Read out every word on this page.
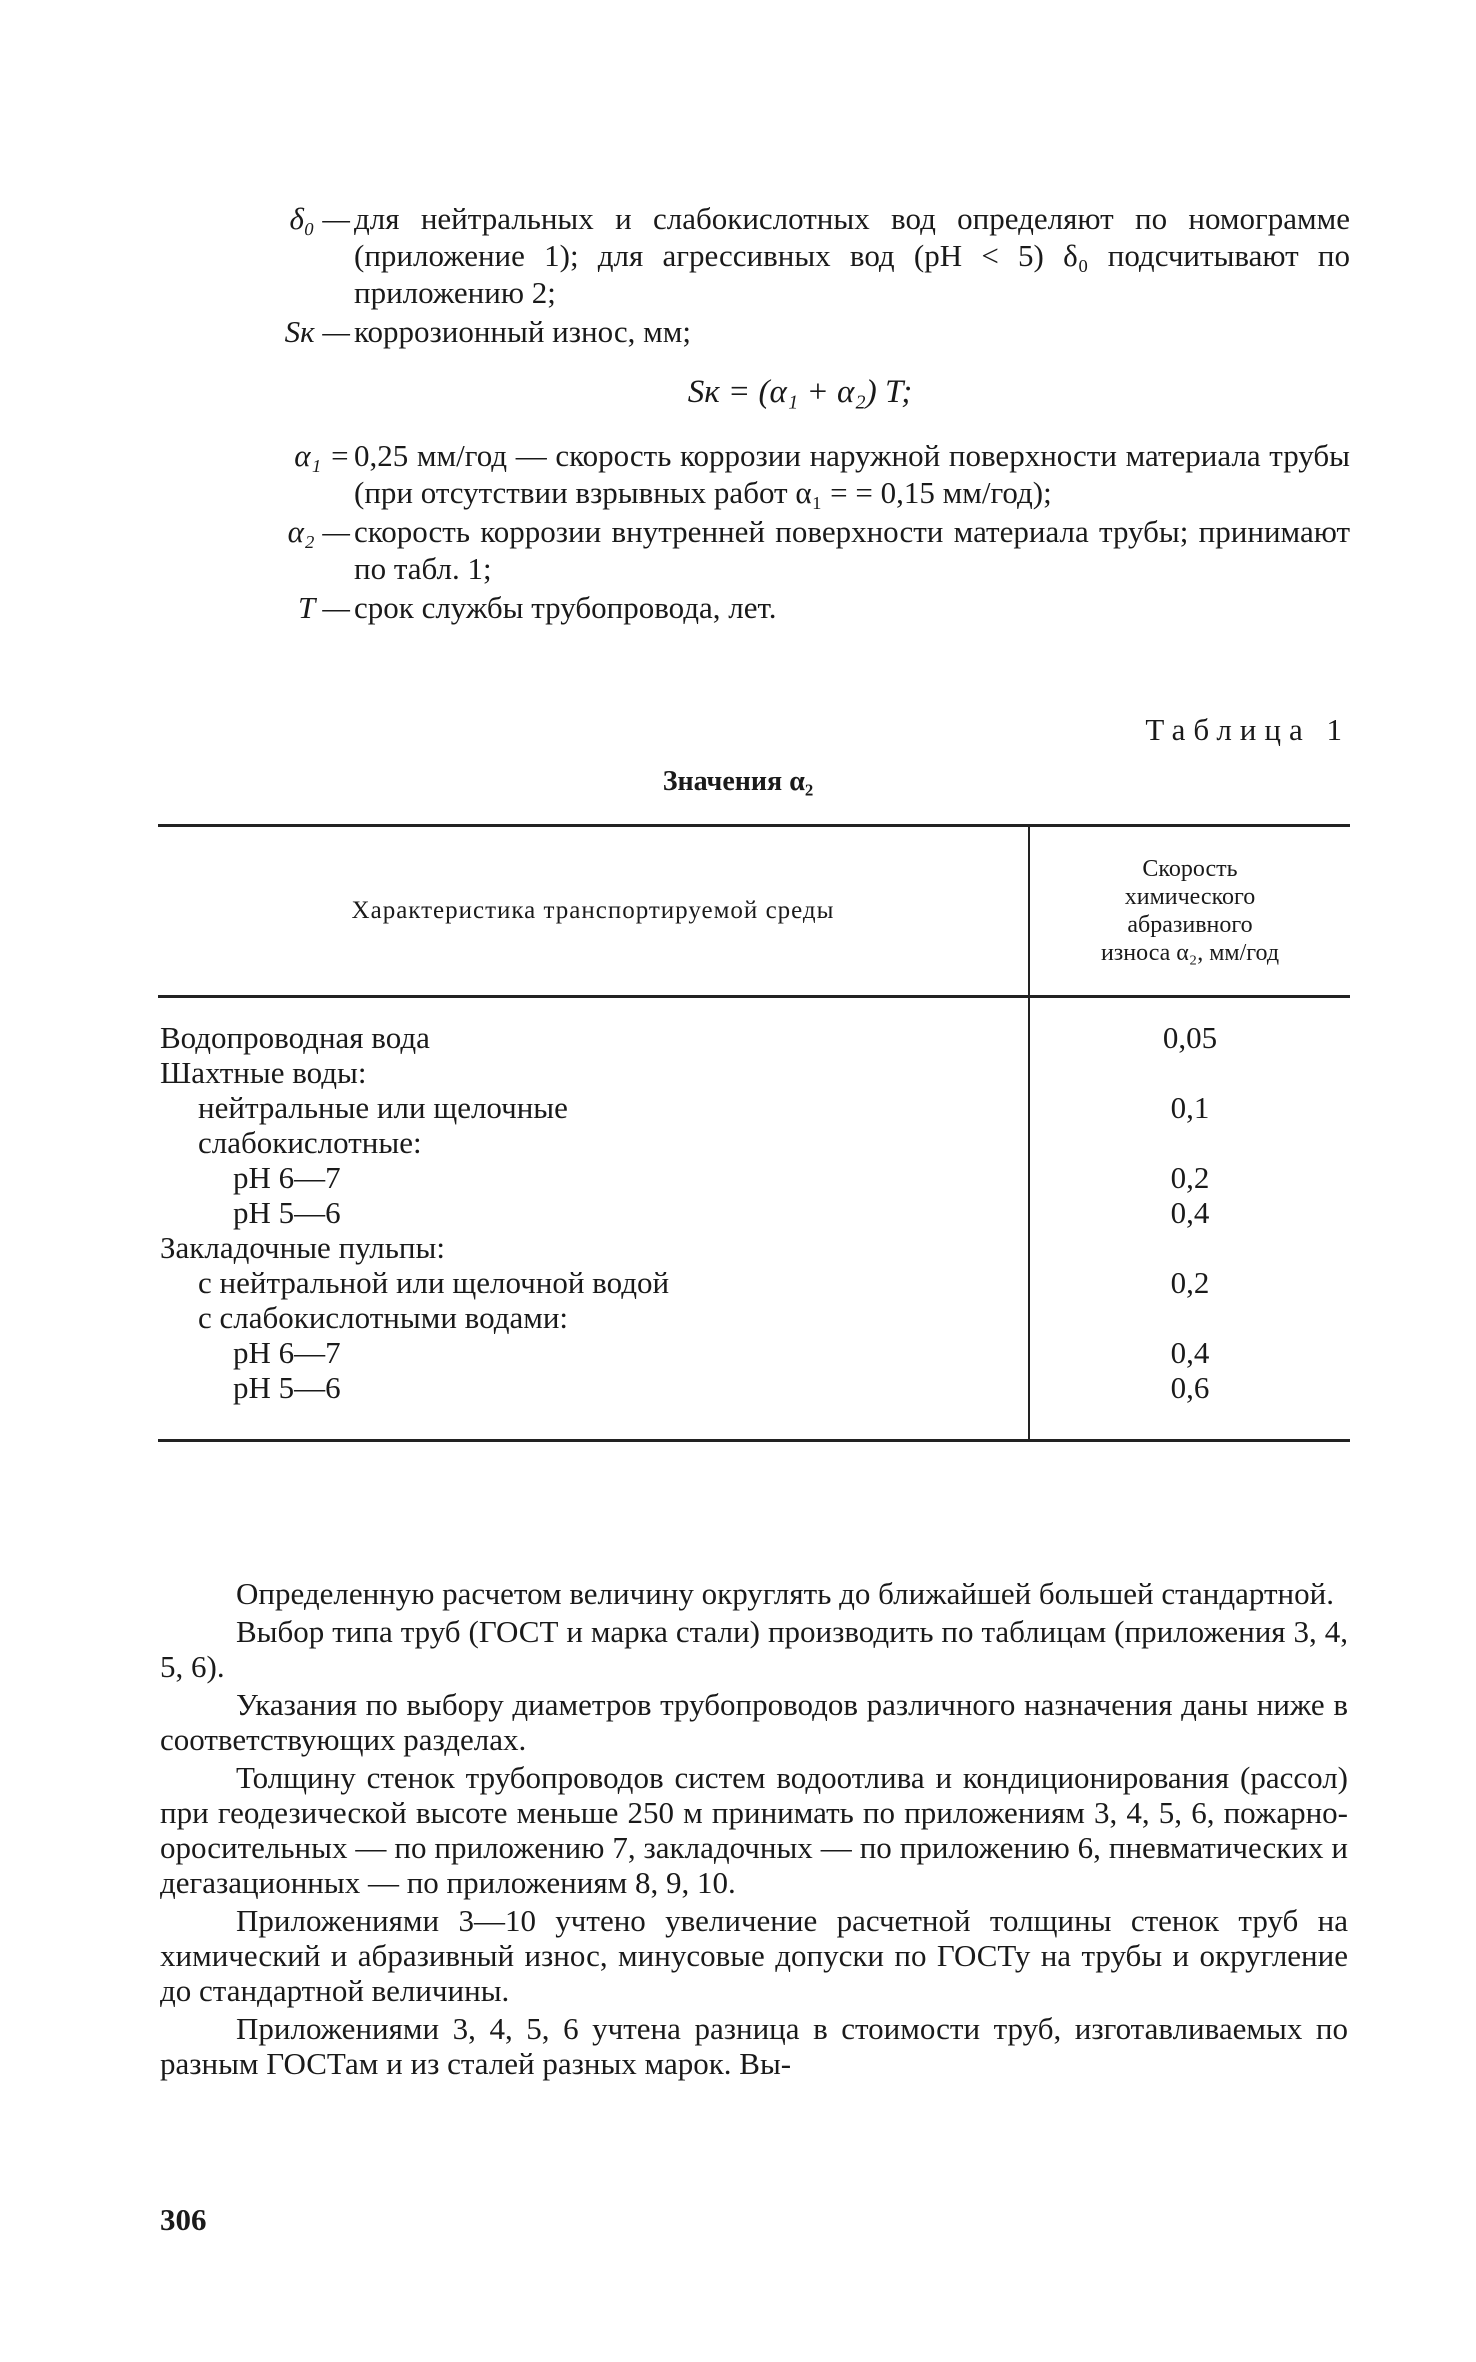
δ₀ — для нейтральных и слабокислотных вод определяют по номограмме (приложение 1); для агрессивных вод (pH < 5) δ₀ подсчитывают по приложению 2;
Sк — коррозионный износ, мм;
Sк = (α₁ + α₂) T;
α₁ = 0,25 мм/год — скорость коррозии наружной поверхности материала трубы (при отсутствии взрывных работ α₁ = = 0,15 мм/год);
α₂ — скорость коррозии внутренней поверхности материала трубы; принимают по табл. 1;
T — срок службы трубопровода, лет.
Таблица 1
Значения α₂
Характеристика транспортируемой среды
Скорость химического абразивного износа α₂, мм/год
Водопроводная вода
Шахтные воды:
нейтральные или щелочные
слабокислотные:
pH 6—7
pH 5—6
Закладочные пульпы:
с нейтральной или щелочной водой
с слабокислотными водами:
pH 6—7
pH 5—6
0,05
0,1
0,2
0,4
0,2
0,4
0,6

Определенную расчетом величину округлять до ближайшей большей стандартной.

Выбор типа труб (ГОСТ и марка стали) производить по таблицам (приложения 3, 4, 5, 6).

Указания по выбору диаметров трубопроводов различного назначения даны ниже в соответствующих разделах.

Толщину стенок трубопроводов систем водоотлива и кондиционирования (рассол) при геодезической высоте меньше 250 м принимать по приложениям 3, 4, 5, 6, пожарно-оросительных — по приложению 7, закладочных — по приложению 6, пневматических и дегазационных — по приложениям 8, 9, 10.

Приложениями 3—10 учтено увеличение расчетной толщины стенок труб на химический и абразивный износ, минусовые допуски по ГОСТу на трубы и округление до стандартной величины.

Приложениями 3, 4, 5, 6 учтена разница в стоимости труб, изготавливаемых по разным ГОСТам и из сталей разных марок. Вы-

306
